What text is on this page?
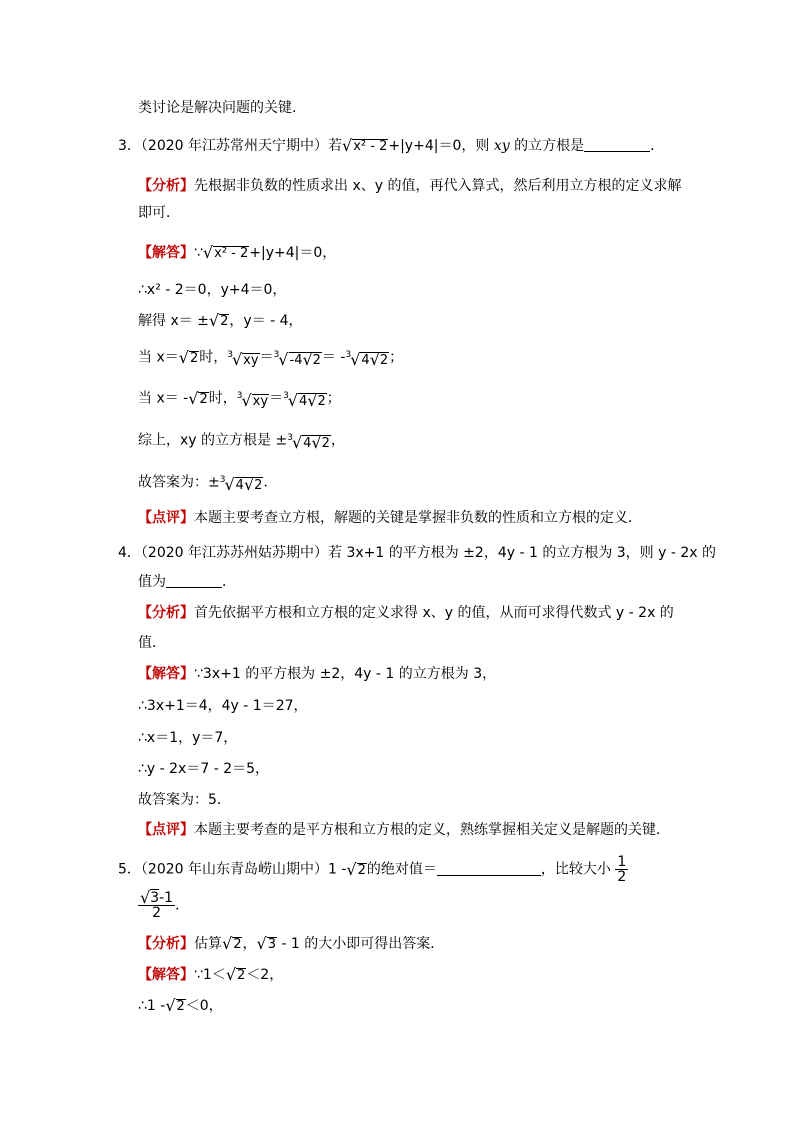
类讨论是解决问题的关键．
3．（2020 年江苏常州天宁期中）若√x² - 2+|y+4|＝0，则 xy 的立方根是	．
【分析】先根据非负数的性质求出 x、y 的值，再代入算式，然后利用立方根的定义求解
即可．
【解答】∵√x² - 2+|y+4|＝0，
∴x² - 2＝0，y+4＝0，
解得 x＝ ±√2，y＝ - 4，
当 x＝√2时，$^3$√xy＝$^3$√-4√2＝ -$^3$√4√2；
当 x＝ -√2时，$^3$√xy＝$^3$√4√2；
综上，xy 的立方根是 ±$^3$√4√2，
故答案为：±$^3$√4√2．
【点评】本题主要考查立方根，解题的关键是掌握非负数的性质和立方根的定义．
4．（2020 年江苏苏州姑苏期中）若 3x+1 的平方根为 ±2，4y - 1 的立方根为 3，则 y - 2x 的
值为	．
【分析】首先依据平方根和立方根的定义求得 x、y 的值，从而可求得代数式 y - 2x 的
值．
【解答】∵3x+1 的平方根为 ±2，4y - 1 的立方根为 3，
∴3x+1＝4，4y - 1＝27，
∴x＝1，y＝7，
∴y - 2x＝7 - 2＝5，
故答案为：5．
【点评】本题主要考查的是平方根和立方根的定义，熟练掌握相关定义是解题的关键．
5．（2020 年山东青岛崂山期中）1 -√2的绝对值＝	，比较大小 $\frac{1}{2}$
$\frac{√3-1}{2}$ ．
【分析】估算√2，√3 - 1 的大小即可得出答案．
【解答】∵1＜√2＜2，
∴1 -√2＜0，
